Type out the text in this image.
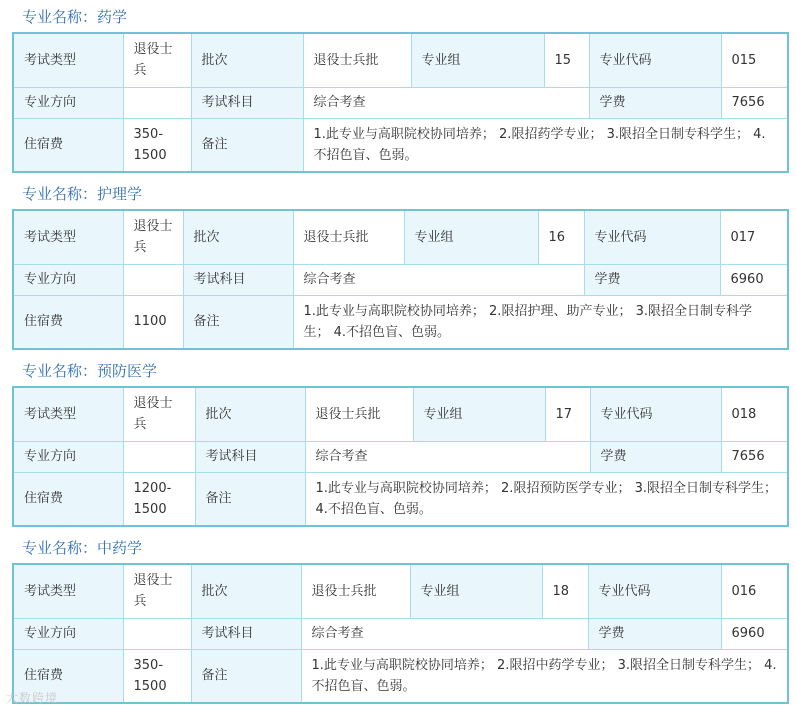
专业名称：药学
考试类型	退役士兵	批次	退役士兵批	专业组	15	专业代码	015
专业方向		考试科目	综合考查			学费	7656
住宿费	350-1500	备注	1.此专业与高职院校协同培养； 2.限招药学专业； 3.限招全日制专科学生； 4.不招色盲、色弱。				
专业名称：护理学
考试类型	退役士兵	批次	退役士兵批	专业组	16	专业代码	017
专业方向		考试科目	综合考查			学费	6960
住宿费	1100	备注	1.此专业与高职院校协同培养； 2.限招护理、助产专业； 3.限招全日制专科学生； 4.不招色盲、色弱。				
专业名称：预防医学
考试类型	退役士兵	批次	退役士兵批	专业组	17	专业代码	018
专业方向		考试科目	综合考查			学费	7656
住宿费	1200-1500	备注	1.此专业与高职院校协同培养； 2.限招预防医学专业； 3.限招全日制专科学生； 4.不招色盲、色弱。				
专业名称：中药学
考试类型	退役士兵	批次	退役士兵批	专业组	18	专业代码	016
专业方向		考试科目	综合考查			学费	6960
住宿费	350-1500	备注	1.此专业与高职院校协同培养； 2.限招中药学专业； 3.限招全日制专科学生； 4.不招色盲、色弱。				
大数跨境
